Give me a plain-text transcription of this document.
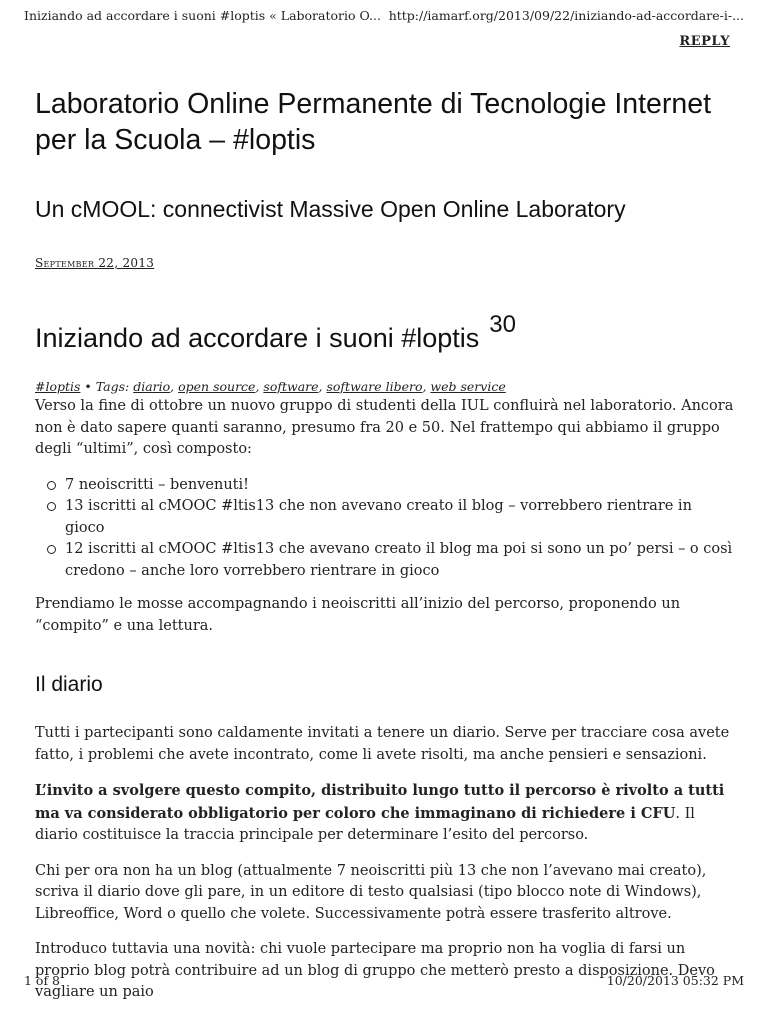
Iniziando ad accordare i suoni #loptis « Laboratorio O... http://iamarf.org/2013/09/22/iniziando-ad-accordare-i-...
REPLY
Laboratorio Online Permanente di Tecnologie Internet per la Scuola – #loptis
Un cMOOL: connectivist Massive Open Online Laboratory
September 22, 2013
Iniziando ad accordare i suoni #loptis 30
#loptis • Tags: diario, open source, software, software libero, web service

Verso la fine di ottobre un nuovo gruppo di studenti della IUL confluirà nel laboratorio. Ancora non è dato sapere quanti saranno, presumo fra 20 e 50. Nel frattempo qui abbiamo il gruppo degli “ultimi”, così composto:

7 neoiscritti – benvenuti!
13 iscritti al cMOOC #ltis13 che non avevano creato il blog – vorrebbero rientrare in gioco
12 iscritti al cMOOC #ltis13 che avevano creato il blog ma poi si sono un po’ persi – o così credono – anche loro vorrebbero rientrare in gioco

Prendiamo le mosse accompagnando i neoiscritti all’inizio del percorso, proponendo un “compito” e una lettura.

Il diario

Tutti i partecipanti sono caldamente invitati a tenere un diario. Serve per tracciare cosa avete fatto, i problemi che avete incontrato, come li avete risolti, ma anche pensieri e sensazioni.

L’invito a svolgere questo compito, distribuito lungo tutto il percorso è rivolto a tutti ma va considerato obbligatorio per coloro che immaginano di richiedere i CFU. Il diario costituisce la traccia principale per determinare l’esito del percorso.

Chi per ora non ha un blog (attualmente 7 neoiscritti più 13 che non l’avevano mai creato), scriva il diario dove gli pare, in un editore di testo qualsiasi (tipo blocco note di Windows), Libreoffice, Word o quello che volete. Successivamente potrà essere trasferito altrove.

Introduco tuttavia una novità: chi vuole partecipare ma proprio non ha voglia di farsi un proprio blog potrà contribuire ad un blog di gruppo che metterò presto a disposizione. Devo vagliare un paio

1 of 8	10/20/2013 05:32 PM
